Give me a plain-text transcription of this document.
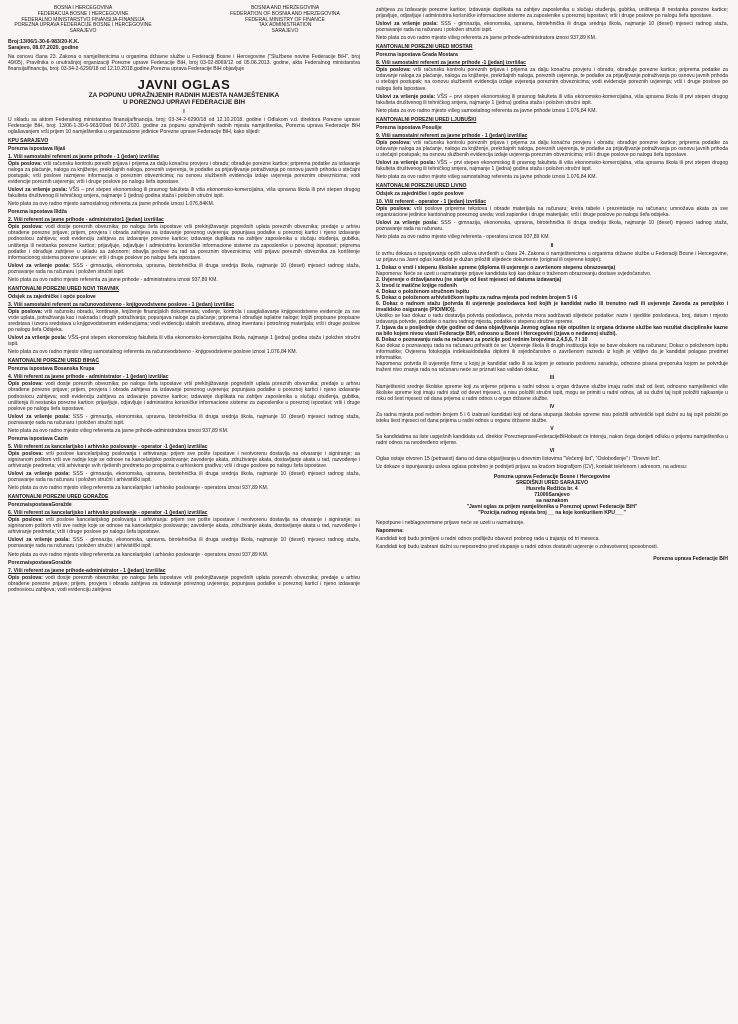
BOSNA I HERCEGOVINA
FEDERACIJA BOSNE I HERCEGOVINE
FEDERALNO MINISTARSTVO FINANSIJA-FINANSIJA
POREZNA UPRAVA FEDERACIJE BOSNE I HERCEGOVINE
SARAJEVO
BOSNIA AND HERZEGOVINA
FEDERATION OF BOSNIA AND HERZEGOVINA
FEDERAL MINISTRY OF FINANCE
TAX ADMINISTRATION
SARAJEVO
Broj:13/06/1-30-6-983/20-K.K.
Sarajevo, 08.07.2020. godine

Na osnovu člana 23. Zakona o namještenicima u organima državne službe u Federaciji Bosne i Hercegovine ("Službene novine Federacije BiH", broj 49/05), Pravilnika o unutrašnjoj organizaciji Porezne uprave Federacije BiH, broj 03-02-8069/12 od 05.06.2013. godine, akta Federalnog ministarstva finansija/financija, broj: 03-34-2-6290/18 od 12.10.2018.godine,Porezna uprava Federacije BiH objavljuje

JAVNI OGLAS
ZA POPUNU UPRAŽNJENIH RADNIH MJESTA NAMJEŠTENIKA
U POREZNOJ UPRAVI FEDERACIJE BIH
I

U skladu sa aktom Federalnog ministarstva finansija/financija, broj: 03-34-2-6290/18 od 12.10.2018. godine i Odlukom v.d. direktora Porezne uprave Federacije BiH, broj: 13/06-1-30-6-963/20od 06.07.2020. godine za popunu upražnjenih radnih mjesta namještenika, Porezna uprava Federacije BiH oglašavanjem vrši prijem 10 namještenika u organizacione jedinice Porezne uprave Federacije BiH, kako slijedi:

KPU SARAJEVO
Porezna ispostava Ilijaš
1. Viši samostalni referent za javne prihode - 1 (jedan) izvršilac

Opis poslova: vrši računsku kontrolu porezih prijava i prijema za dalju konačnu provjeru i obradu; obrađuje porezne kartice; priprema podatke za izdavanje naloga za plaćanje, naloga za knjiženje, prekršajnih naloga, poreznih uvjerenja, te podatke za prijavljivanje potraživanja po osnovu javnih prihoda u stečajni postupak; vrši poslove razmjene informacija o poreznim obveznicima; na osnovu službenih evidencija izdaje uvjerenja poreznim obveznicima; vodi evidencije poreznih uvjerenja; vrši i druge poslove po nalogu šefa ispostave.

Uslovi za vršenje posla: VŠS – prvi stepen ekonomskog ili pravnog fakulteta ili viša ekonomsko-komercijalna, viša upravna škola ili prvi stepen drugog fakulteta društvenog ili tehničkog smjera, najmanje 1 (jedna) godina staža i položen stručni ispit.

Neto plata za ovo radno mjesto samostalnog referenta za javne prihode iznosi 1.076,84KM.

Porezna ispostava Ilidža
2. Viši referent za javne prihode - administrator1 (jedan) izvršilac

Opis poslova: vodi dosije poreznih obveznika; po nalogu šefa ispostave vrši prekinjižavanje pogrešnih uplata poreznih obveznika; predaje u arhivu obrađene porezne prijave; prijem, provjera i obrada zahtjeva za izdavanje poreznog uvjerenja; popunjava podatke u poreznoj kartici i njeno izdavanje podnosiocu zahtjeva; vodi evidenciju zahtjeva za izdavanje porezne kartice; izdavanje duplikata na zahtjev zaposlenika u slučaju otuđenja, gubitka, uništenja ili nestanka porezne kartice; prijavljuje, odjavljuje i administrira korisničke informacione sisteme za zaposlenike u poreznoj ispostavi; priprema podatke i obrađuje zahtjeve u skladu sa zakonom; obavlja poslove za rad sa poreznim obveznicima; vrši prijavu poreznih obveznika za korištenje informacionog sistema porezne uprave; vrši i druge poslove po nalogu šefa ispostave.

Uslovi za vršenje posla: SSS - gimnazija, ekonomska, upravna, birotehnička ili druga srednja škola, najmanje 10 (deset) mjeseci radnog staža, poznavanje rada na računaru i položen stručni ispit.

Neto plata za ovo radno mjesto referenta za javne prihode - administratora iznosi 937,89 KM.

KANTONALNI POREZNI URED NOVI TRAVNIK
Odsjek za zajedničke i opće poslove
3. Viši samostalni referent za računovodstveno - knjigovodstvene poslove - 1 (jedan) izvršilac

Opis poslova: vrši računsku obradu, kontiranje, knjiženje financijskih dokumenata; vođenje, kontrola i usaglašavanje knjigovodstvene evidencije za sve vrste uplata, potraživanja kao i naknada i drugih potraživanja; popunjava naloge za plaćanje; priprema i obrađuje isplatne naloge; knjiži propisane propisane sredstava i izvora sredstava u knjigovodstvenim evidencijama; vodi evidenciju stalnih sredstava, sitnog inventara i potrošnog materijala; vrši i druge poslove po nalogu šefa Odsjeka.

Uslovi za vršenje posla: VŠS–prvi stepen ekonomskog fakulteta ili viša ekonomsko-komercijalna škola, najmanje 1 (jedna) godina staža i položen stručni ispit.

Neto plata za ovo radno mjesto višeg samostalnog referenta za računovodstveno - knjigovodstvene poslove iznosi 1.076,84 KM.

KANTONALNI POREZNI URED BIHAĆ
Porezna ispostava Bosanska Krupa
4. Viši referent za javne prihode - administrator - 1 (jedan) izvršilac

Opis poslova: vodi dosije poreznih obveznika; po nalogu šefa ispostave vrši prekinjižavanje pogrešnih uplata poreznih obveznika; predaje u arhivu obrađene porezne prijave; prijem, provjera i obrada zahtjeva za izdavanje poreznog uvjerenja; popunjava podatke u poreznoj kartici i njeno izdavanje podnosiocu zahtjeva; vodi evidenciju zahtjeva za izdavanje porezne kartice; izdavanje duplikata na zahtjev zaposlenika u slučaju otuđenja, gubitka, uništenja ili nestanka porezne kartice; prijavljuje, odjavljuje i administrira korisničke informacione sisteme za zaposlenike u poreznoj ispostavi; vrši i druge poslove po nalogu šefa ispostave.

Uslovi za vršenje posla: SSS - gimnazija, ekonomska, upravna, birotehnička ili druga srednja škola, najmanje 10 (deset) mjeseci radnog staža, poznavanje rada na računaru i položen stručni ispit.

Neto plata za ovo radno mjesto višeg referenta za javne prihode-administratora iznosi 937,89 KM.

Porezna ispostava Cazin
5. Viši referent za kancelarijsko i arhivsko poslovanje - operator -1 (jedan) izvršilac

Opis poslova: vrši poslove kancelarijskog poslovanja i arhiviranja: prijem sve pošte ispostave i neotvorenu dostavlja na otvaranje i signiranje; sa signiranom poštom vrši sve radnje koje se odnose na kancelarijsko poslovanje; zavodenje akata, združivanje akata, dostavljanje akata u rad, razvođenje i arhiviranje predmeta; vrši arhiviranje svih riješenih predmeta po propisima o arhivskom građivu; vrši i druge poslove po nalogu šefa ispostave.

Uslovi za vršenje posla: SSS - gimnazija, ekonomska, upravna, birotehnička ili druga srednja škola, najmanje 10 (deset) mjeseci radnog staža, poznavanje rada na računaru i položen stručni i arhivistički ispit.

Neto plata za ovo radno mjesto višeg referenta za kancelarijsko i arhivsko poslovanje - operatora iznosi 937,89 KM.

KANTONALNI POREZNI URED GORAŽDE
PoreznaispostavaGoražde
6. Viši referent za kancelarijsko i arhivsko poslovanje - operator -1 (jedan) izvršilac

Opis poslova: vrši poslove kancelarijskog poslovanja i arhiviranja: prijem sve pošte ispostave i neotvorenu dostavlja na otvaranje i signiranje; sa signiranom poštom vrši sve radnje koje se odnose na kancelarijsko poslovanje; zavodenje akata, združivanje akata, dostavljanje akata u rad, razvođenje i arhiviranje predmeta; vrši i druge poslove po nalogu šefa ispostave.

Uslovi za vršenje posla: SSS - gimnazija, ekonomska, upravna, birotehnička ili druga srednja škola, najmanje 10 (deset) mjeseci radnog staža, poznavanje rada na računaru i položen stručni i arhivistički ispit.

Neto plata za ovo radno mjesto višeg referenta za kancelarijsko i arhivsko poslovanje - operatora iznosi 937,89 KM.

PoreznaispostavaGoražde
7. Viši referent za javne prihode-administrator - 1 (jedan) izvršilac

Opis poslova: vodi dosije poreznih obveznika; po nalogu šefa ispostave vrši prekinjižavanje pogrešnih uplata poreznih obveznika; predaje u arhivu obrađene porezne prijave; prijem, provjera i obrada zahtjeva za izdavanje poreznog uvjerenja; popunjava podatke u poreznoj kartici i njeno izdavanje podnosiocu zahtjeva; vodi evidenciju zahtjeva

zahtjeva za izdavanje porezne kartice; izdavanje duplikata na zahtjev zaposlenika u slučaju otuđenja, gubitka, uništenja ili nestanka porezne kartice; prijavljuje, odjavljuje i administrira korisničke informacione sisteme za zaposlenike u poreznoj ispostavi; vrši i druge poslove po nalogu šefa ispostave.

Uslovi za vršenje posla: SSS - gimnazija, ekonomska, upravna, birotehnička ili druga srednja škola, najmanje 10 (deset) mjeseci radnog staža, poznavanje rada na računaru i položen stručni ispit.

Neto plata za ovo radno mjesto višeg referenta za javne prihode-administratora iznosi 937,89 KM.

KANTONALNI POREZNI URED MOSTAR
Porezna ispostava Grada Mostara
8. Viši samostalni referent za javne prihode -1 (jedan) izvršilac

Opis poslova: vrši računsku kontrolu poreznih prijava i prijema za dalju konačnu provjeru i obradu; obrađuje porezne kartice; priprema podatke za izdavanje naloga za plaćanje, naloga za knjiženje, prekršajnih naloga, poreznih uvjerenja, te podatke za prijavljivanje potraživanja po osnovu javnih prihoda u stečajni postupak; na osnovu službenih evidencija izdaje uvjerenja poreznim obveznicima; vodi evidencije poreznih uvjerenja; vrši i druge poslove po nalogu šefa ispostave.

Uslovi za vršenje posla: VŠS – prvi stepen ekonomskog ili pravnog fakulteta ili viša ekonomsko-komercijalna, viša upravna škola ili prvi stepen drugog fakulteta društvenog ili tehničkog smjera, najmanje 1 (jedna) godina staža i položen stručni ispit.

Neto plata za ovo radno mjesto višeg samostalnog referenta za javne prihode iznosi 1.076,84 KM.

KANTONALNI POREZNI URED LJUBUŠKI
Porezna ispostava Posušje
9. Viši samostalni referent za javne prihode - 1 (jedan) izvršilac

Opis poslova: vrši računsku kontrolu poreznih prijava i prijema za dalju konačnu provjeru i obradu; obrađuje porezne kartice; priprema podatke za izdavanje naloga za plaćanje, naloga za knjiženje, prekršajnih naloga, poreznih uvjerenja, te podatke za prijavljivanje potraživanja po osnovu javnih prihoda u stečajni postupak; na osnovu službenih evidencija izdaje uvjerenja poreznim obveznicima; vrši i druge poslove po nalogu šefa ispostave.

Uslovi za vršenje posla: VŠS – prvi stepen ekonomskog ili pravnog fakulteta ili viša ekonomsko-komercijalna, viša upravna škola ili prvi stepen drugog fakulteta društvenog ili tehničkog smjera, najmanje 1 (jedna) godina staža i položen stručni ispit.

Neto plata za ovo radno mjesto višeg samostalnog referenta za javne prihode iznosi 1.076,84 KM.

KANTONALNI POREZNI URED LIVNO
Odsjek za zajedničke i opće poslove
10. Viši referent - operator - 1 (jedan) izvršilac

Opis poslova: vrši poslove pripreme tekstova i obrade materijala na računaru; kreira tabele i prezentacije na računaru; umnožava akata za sve organizacione jedinice kantonalnog poreznog ureda; vodi zapisnike i druge materijale; vrši i druge poslove po nalogu šefa odsjeka.

Uslovi za vršenje posla: SSS - gimnazija, ekonomska, upravna, birotehnička ili druga srednja škola, najmanje 10 (deset) mjeseci radnog staža, poznavanje rada na računaru.

Neto plata za ovo radno mjesto višeg referenta - operatora iznosi 937,89 KM.

II

Iz svrhu dokaza o ispunjavanju općih uslova utvrđenih u članu 24. Zakona o namještenicima u organima državne službe u Federaciji Bosne i Hercegovine, uz prijavu na Javni oglas kandidat je dužan priložiti slijedeće dokumente (original ili ovjerene kopije):

1. Dokaz o vrsti i stepenu školske spreme (diploma ili uvjerenje o završenom stepenu obrazovanja)

Napomena: Neće se uzeti u razmatranje prijave kandidata koji kao dokaz o traženom obrazovanju dostave svjedočanstvo.

2. Uvjerenje o državljanstvu (ne starije od šest mjeseci od datuma izdavanja)

3. Izvod iz matične knjige rođenih

4. Dokaz o položenom stručnom ispitu

5. Dokaz o položenom arhivističkom ispitu za radna mjesta pod rednim brojem 5 i 6

6. Dokaz o radnom stažu (potvrda ili uvjerenje poslodavca kod kojih je kandidat radio ili trenutno radi ili uvjerenje Zavoda za penzijsko i invalidsko osiguranje (PIO/MIO)).

Ukoliko se kao dokaz o radu dostavlja potvrda poslodavca, potvrda mora sadržavati slijedeće podatke: naziv i sjedište poslodavca, broj, datum i mjesto izdavanja potvrde, podatke o nazivu radnog mjesta, podatke o stepenu stručne spreme.

7. Izjava da u posljednje dvije godine od dana objavljivanja Javnog oglasa nije otpušten iz organa državne službe kao rezultat disciplinske kazne na bilo kojem nivou vlasti Federacije BiH, odnosno u Bosni i Hercegovini (izjava o nedavnoj službi).

8. Dokaz o poznavanju rada na računaru za pozicije pod rednim brojevima 2,4,5,6, 7 i 10

Kao dokaz o poznavanju rada na računaru prihvatit će se: Uvjerenje škola ili drugih institucija koje se bave obukom na računaru; Dokaz o položenom ispitu informatike; Ovjerena fotokopija indeksa/dodatka diplomi ili svjedočanstvo o završenom razredu iz kojih je vidljivo da je kandidat polagao predmet informatike.

Napomena: potvrda ili uvjerenje firme u kojoj je kandidat radio ili sa kojom je ostvario poslovnu saradnju, odnosno pisana preporuka kojom se potvrđuje traženi nivo znanja rada na računaru neće se priznati kao validan dokaz.

III

Namještenici srednje školske spreme koji za vrijeme prijema u radni odnos u organ državne službe imaju radni staž od šest, odnosno namještenici više školske spreme koji imaju radni staž od devet mjeseci, a nisu položili stručni ispit, mogu se primiti u radni odnos, ali su dužni taj ispit položiti najkasnije u roku od šest mjeseci od dana prijema u radni odnos u organ državne službe.

IV

Za radna mjesta pod rednim brojem 5 i 6 izabrani kandidati koji od dana stupanja školske spreme nisu položili arhivistički ispit dužni su taj ispit položiti po isteku šest mjeseci od dana prijema u radni odnos u organu državne službe.

V

Sa kandidatima sa liste uspješnih kandidata v.d. direktor PoreznepraveFederacijeBiHobavit će intervju, nakon čega donijeti odluku o prijemu namještenika u radni odnos na neodređeno vrijeme.

VI

Oglas ostaje otvoren 15 (petnaest) dana od dana objavljivanja u dnevnim listovima "Večernji list", "Oslobođenje" i "Dnevni list".

Uz dokaze o ispunjavanju uslova oglasa potrebno je podnijeti prijavu sa kraćom biografijom (CV), kontakt telefonom i adresom, na adresu:

Porezna uprava Federacije Bosne i Hercegovine
SREDIŠNJI URED SARAJEVO
Husrefa Redžića br. 4
71000Sarajevo
sa naznakom
"Javni oglas za prijem namještenika u Poreznoj upravi Federacije BiH"
"Pozicija radnog mjesta broj __ na koje konkurišem KPU___"

Nepotpune i neblagovremene prijave neće se uzeti u razmatranje.

Napomena:

Kandidati koji budu primljeni u radni odnos podliježu obavezi probnog rada u trajanju od tri meseca.

Kandidati koji budu izabrani dužni su neposredno pred stupanje u radni odnos dostaviti uvjerenje o zdravstvenoj sposobnosti.

Porezna uprava Federacije BiH
